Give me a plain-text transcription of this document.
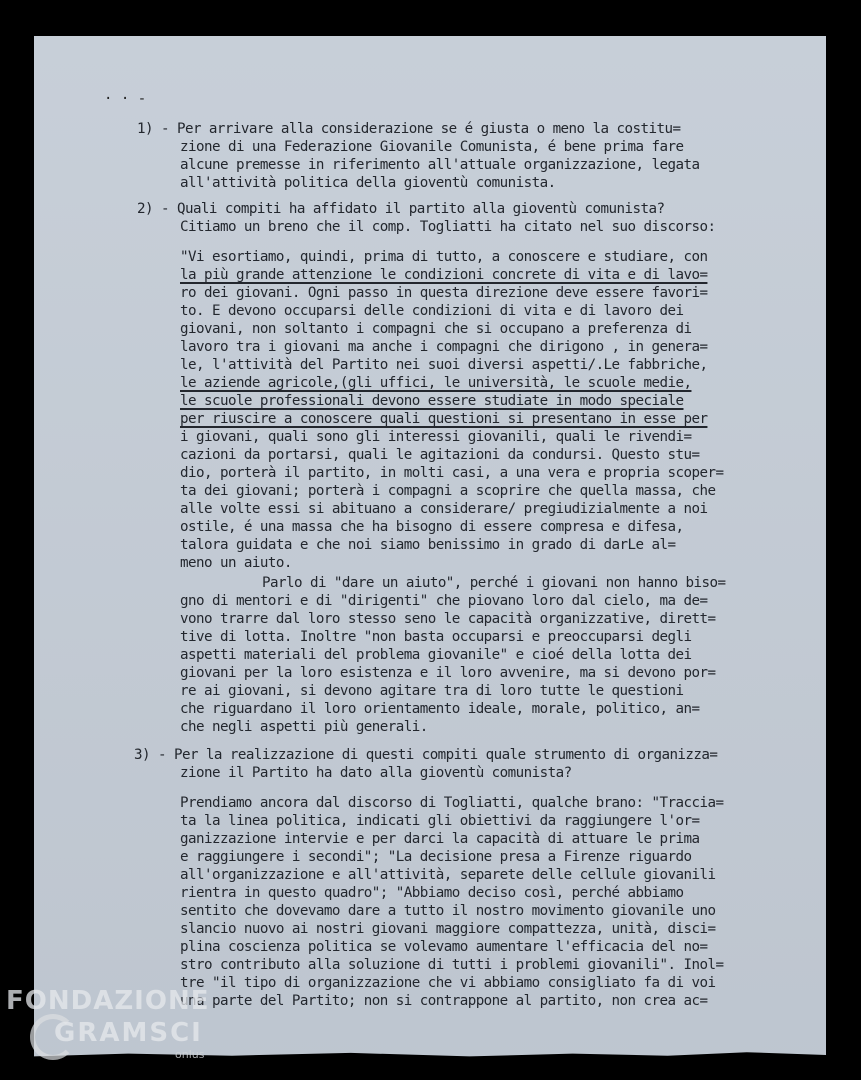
· · ‑
1) - Per arrivare alla considerazione se é giusta o meno la costitu=
zione di una Federazione Giovanile Comunista, é bene prima fare
alcune premesse in riferimento all'attuale organizzazione, legata
all'attività politica della gioventù comunista.
2) - Quali compiti ha affidato il partito alla gioventù comunista?
Citiamo un breno che il comp. Togliatti ha citato nel suo discorso:
"Vi esortiamo, quindi, prima di tutto, a conoscere e studiare, con
la più grande attenzione le condizioni concrete di vita e di lavo=
ro dei giovani. Ogni passo in questa direzione deve essere favori=
to. E devono occuparsi delle condizioni di vita e di lavoro dei
giovani, non soltanto i compagni che si occupano a preferenza di
lavoro tra i giovani ma anche i compagni che dirigono , in genera=
le, l'attività del Partito nei suoi diversi aspetti/.Le fabbriche,
le aziende agricole,(gli uffici, le università, le scuole medie,
le scuole professionali devono essere studiate in modo speciale
per riuscire a conoscere quali questioni si presentano in esse per
i giovani, quali sono gli interessi giovanili, quali le rivendi=
cazioni da portarsi, quali le agitazioni da condursi. Questo stu=
dio, porterà il partito, in molti casi, a una vera e propria scoper=
ta dei giovani; porterà i compagni a scoprire che quella massa, che
alle volte essi si abituano a considerare/ pregiudizialmente a noi
ostile, é una massa che ha bisogno di essere compresa e difesa,
talora guidata e che noi siamo benissimo in grado di darLe al=
meno un aiuto.
Parlo di "dare un aiuto", perché i giovani non hanno biso=
gno di mentori e di "dirigenti" che piovano loro dal cielo, ma de=
vono trarre dal loro stesso seno le capacità organizzative, dirett=
tive di lotta. Inoltre "non basta occuparsi e preoccuparsi degli
aspetti materiali del problema giovanile" e cioé della lotta dei
giovani per la loro esistenza e il loro avvenire, ma si devono por=
re ai giovani, si devono agitare tra di loro tutte le questioni
che riguardano il loro orientamento ideale, morale, politico, an=
che negli aspetti più generali.
3) - Per la realizzazione di questi compiti quale strumento di organizza=
zione il Partito ha dato alla gioventù comunista?
Prendiamo ancora dal discorso di Togliatti, qualche brano: "Traccia=
ta la linea politica, indicati gli obiettivi da raggiungere l'or=
ganizzazione intervie e per darci la capacità di attuare le prima
e raggiungere i secondi"; "La decisione presa a Firenze riguardo
all'organizzazione e all'attività, separete delle cellule giovanili
rientra in questo quadro"; "Abbiamo deciso così, perché abbiamo
sentito che dovevamo dare a tutto il nostro movimento giovanile uno
slancio nuovo ai nostri giovani maggiore compattezza, unità, disci=
plina coscienza politica se volevamo aumentare l'efficacia del no=
stro contributo alla soluzione di tutti i problemi giovanili". Inol=
tre "il tipo di organizzazione che vi abbiamo consigliato fa di voi
una parte del Partito; non si contrappone al partito, non crea ac=
FONDAZIONE
GRAMSCI
onlus
